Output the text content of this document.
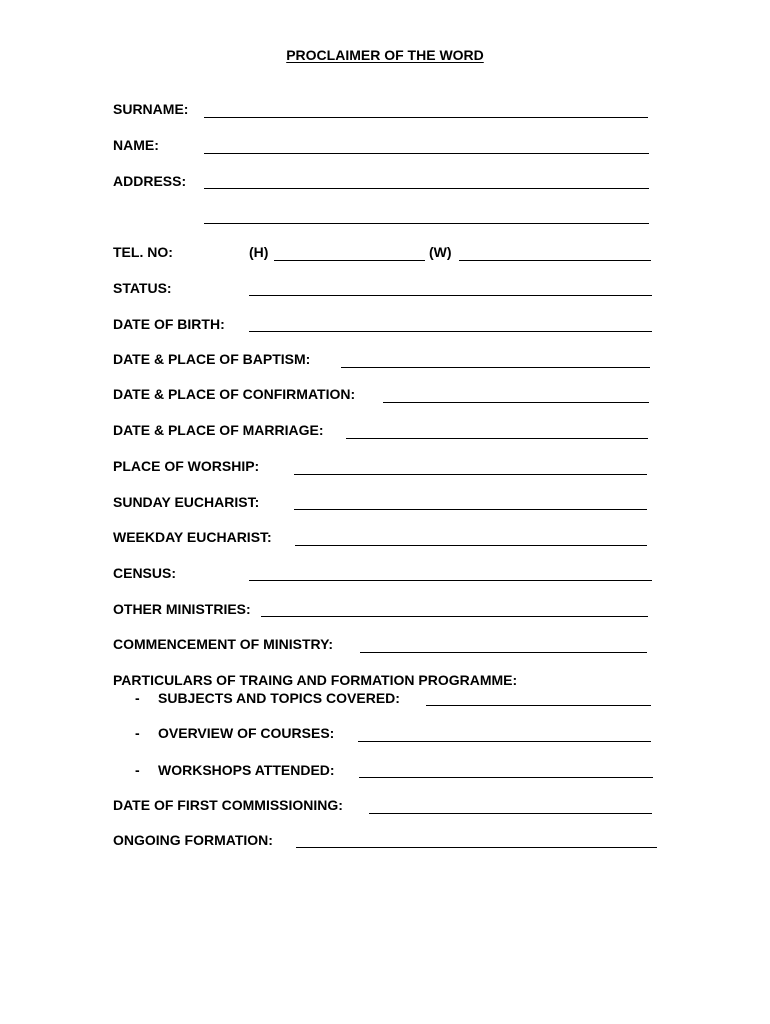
PROCLAIMER OF THE WORD
SURNAME:
NAME:
ADDRESS:
TEL. NO:	(H)	(W)
STATUS:
DATE OF BIRTH:
DATE & PLACE OF BAPTISM:
DATE & PLACE OF CONFIRMATION:
DATE & PLACE OF MARRIAGE:
PLACE OF WORSHIP:
SUNDAY EUCHARIST:
WEEKDAY EUCHARIST:
CENSUS:
OTHER MINISTRIES:
COMMENCEMENT OF MINISTRY:
PARTICULARS OF TRAING AND FORMATION PROGRAMME:
- SUBJECTS AND TOPICS COVERED:
- OVERVIEW OF COURSES:
- WORKSHOPS ATTENDED:
DATE OF FIRST COMMISSIONING:
ONGOING FORMATION:
